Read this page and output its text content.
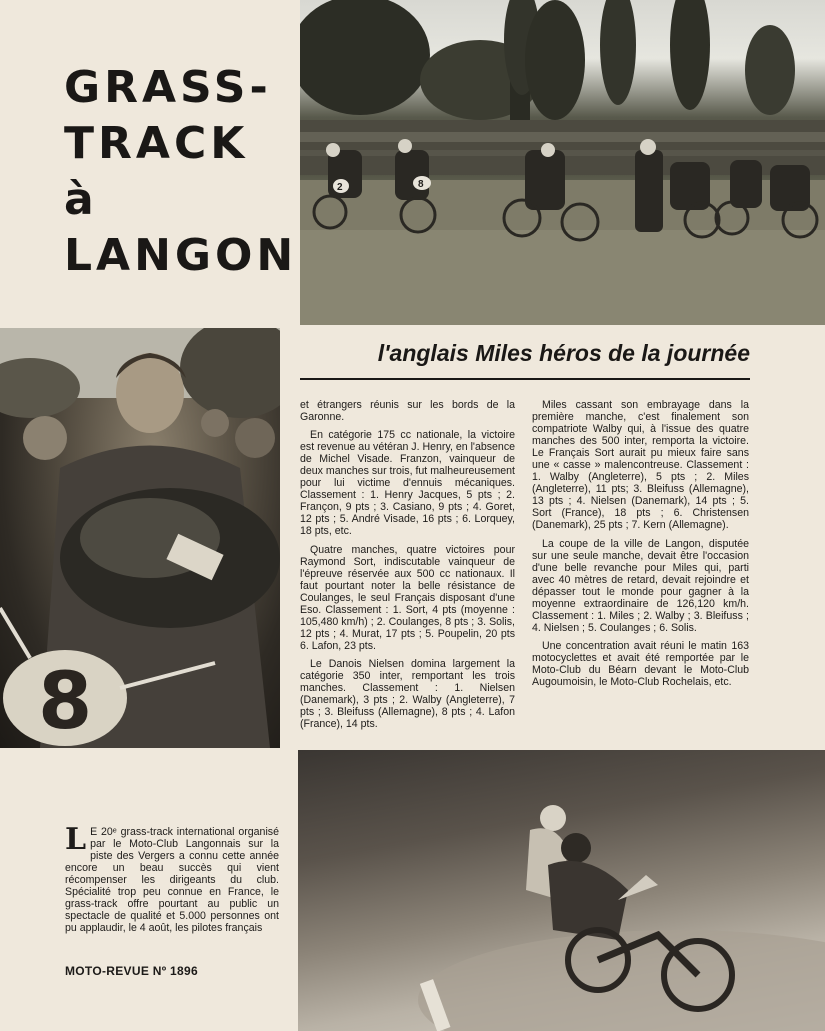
GRASS-
TRACK
à
LANGON
2	8
8
l'anglais Miles héros de la journée

et étrangers réunis sur les bords de la Garonne.

En catégorie 175 cc nationale, la victoire est revenue au vétéran J. Henry, en l'absence de Michel Visade. Franzon, vainqueur de deux manches sur trois, fut malheureusement pour lui victime d'ennuis mécaniques. Classement : 1. Henry Jacques, 5 pts ; 2. Françon, 9 pts ; 3. Casiano, 9 pts ; 4. Goret, 12 pts ; 5. André Visade, 16 pts ; 6. Lorquey, 18 pts, etc.

Quatre manches, quatre victoires pour Raymond Sort, indiscutable vainqueur de l'épreuve réservée aux 500 cc nationaux. Il faut pourtant noter la belle résistance de Coulanges, le seul Français disposant d'une Eso. Classement : 1. Sort, 4 pts (moyenne : 105,480 km/h) ; 2. Coulanges, 8 pts ; 3. Solis, 12 pts ; 4. Murat, 17 pts ; 5. Poupelin, 20 pts 6. Lafon, 23 pts.

Le Danois Nielsen domina largement la catégorie 350 inter, remportant les trois manches. Classement : 1. Nielsen (Danemark), 3 pts ; 2. Walby (Angleterre), 7 pts ; 3. Bleifuss (Allemagne), 8 pts ; 4. Lafon (France), 14 pts.

Miles cassant son embrayage dans la première manche, c'est finalement son compatriote Walby qui, à l'issue des quatre manches des 500 inter, remporta la victoire. Le Français Sort aurait pu mieux faire sans une « casse » malencontreuse. Classement : 1. Walby (Angleterre), 5 pts ; 2. Miles (Angleterre), 11 pts; 3. Bleifuss (Allemagne), 13 pts ; 4. Nielsen (Danemark), 14 pts ; 5. Sort (France), 18 pts ; 6. Christensen (Danemark), 25 pts ; 7. Kern (Allemagne).

La coupe de la ville de Langon, disputée sur une seule manche, devait être l'occasion d'une belle revanche pour Miles qui, parti avec 40 mètres de retard, devait rejoindre et dépasser tout le monde pour gagner à la moyenne extraordinaire de 126,120 km/h. Classement : 1. Miles ; 2. Walby ; 3. Bleifuss ; 4. Nielsen ; 5. Coulanges ; 6. Solis.

Une concentration avait réuni le matin 163 motocyclettes et avait été remportée par le Moto-Club du Béarn devant le Moto-Club Augoumoisin, le Moto-Club Rochelais, etc.

L E 20ᵉ grass-track international organisé par le Moto-Club Langonnais sur la piste des Vergers a connu cette année encore un beau succès qui vient récompenser les dirigeants du club. Spécialité trop peu connue en France, le grass-track offre pourtant au public un spectacle de qualité et 5.000 personnes ont pu applaudir, le 4 août, les pilotes français

MOTO-REVUE Nº 1896
